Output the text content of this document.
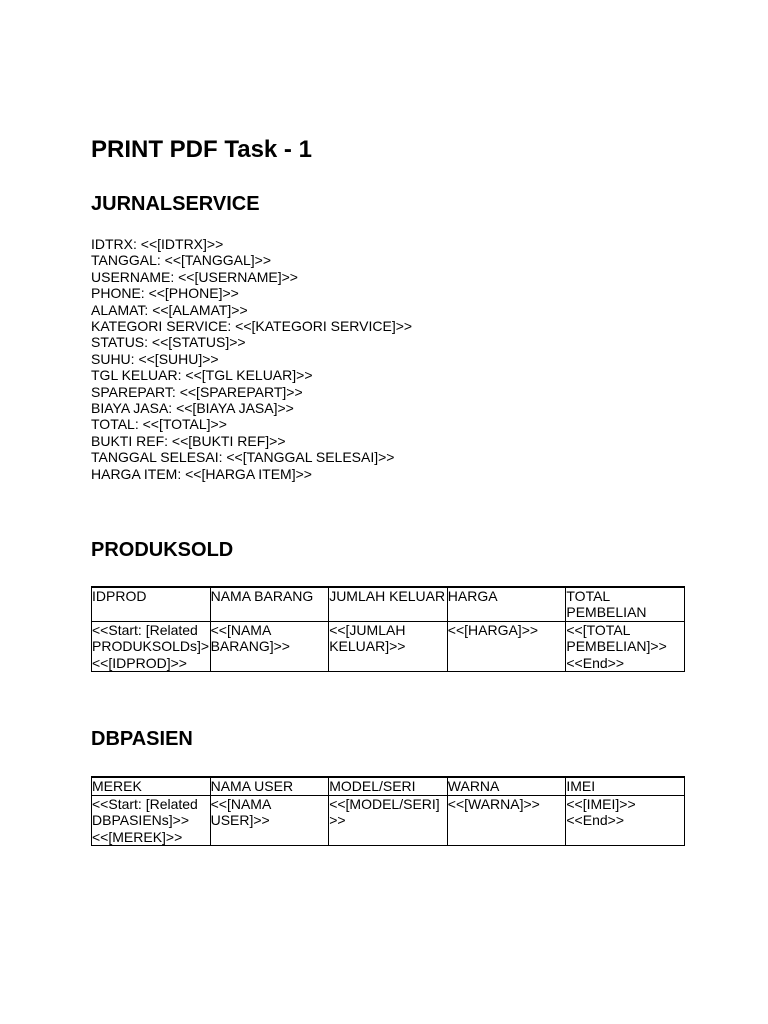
PRINT PDF Task - 1
JURNALSERVICE
IDTRX: <<[IDTRX]>>
TANGGAL: <<[TANGGAL]>>
USERNAME: <<[USERNAME]>>
PHONE: <<[PHONE]>>
ALAMAT: <<[ALAMAT]>>
KATEGORI SERVICE: <<[KATEGORI SERVICE]>>
STATUS: <<[STATUS]>>
SUHU: <<[SUHU]>>
TGL KELUAR: <<[TGL KELUAR]>>
SPAREPART: <<[SPAREPART]>>
BIAYA JASA: <<[BIAYA JASA]>>
TOTAL: <<[TOTAL]>>
BUKTI REF: <<[BUKTI REF]>>
TANGGAL SELESAI: <<[TANGGAL SELESAI]>>
HARGA ITEM: <<[HARGA ITEM]>>
PRODUKSOLD
IDPROD	NAMA BARANG	JUMLAH KELUAR	HARGA	TOTAL PEMBELIAN
<<Start: [Related PRODUKSOLDs]><<[IDPROD]>>	<<[NAMA BARANG]>>	<<[JUMLAH KELUAR]>>	<<[HARGA]>>	<<[TOTAL PEMBELIAN]>><<End>>
DBPASIEN
MEREK	NAMA USER	MODEL/SERI	WARNA	IMEI
<<Start: [Related DBPASIENs]>><<[MEREK]>>	<<[NAMA USER]>>	<<[MODEL/SERI]>>	<<[WARNA]>>	<<[IMEI]>><<End>>
